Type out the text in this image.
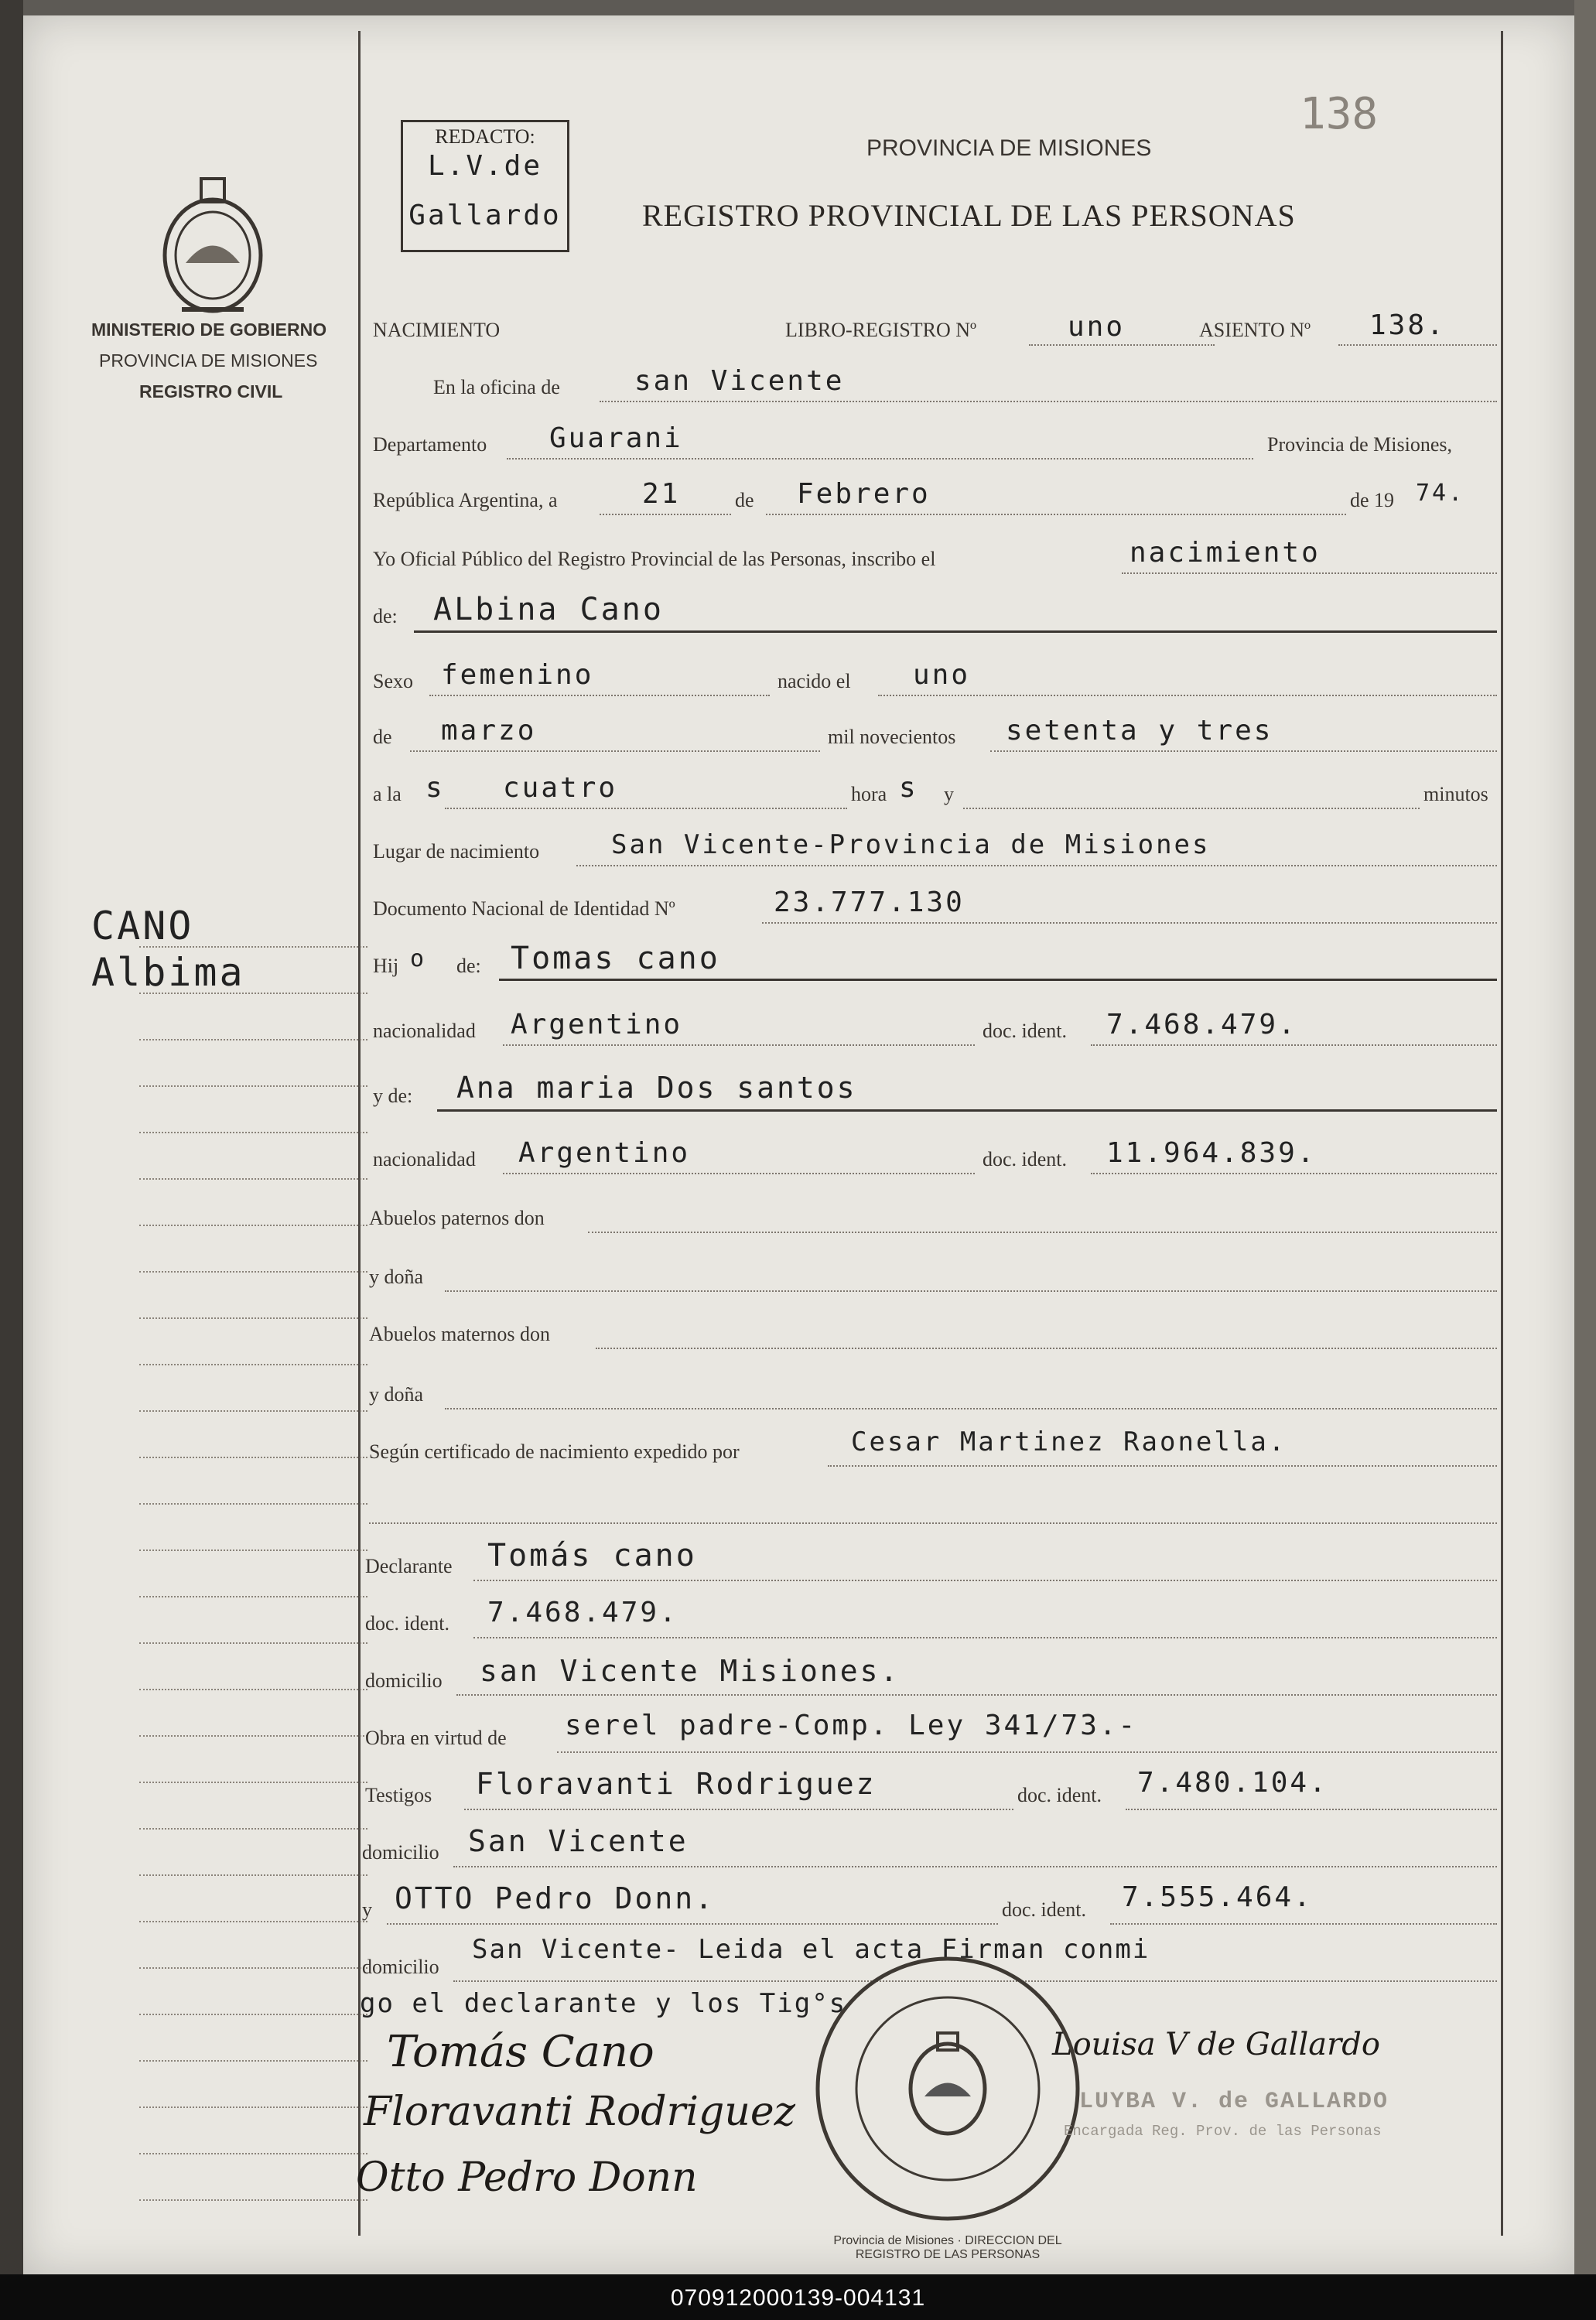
MINISTERIO DE GOBIERNO
PROVINCIA DE MISIONES
REGISTRO CIVIL
CANO
Albima
REDACTO:
L.V.de
Gallardo
138
PROVINCIA DE MISIONES
REGISTRO PROVINCIAL DE LAS PERSONAS
NACIMIENTO	LIBRO-REGISTRO Nº	uno	ASIENTO Nº 138.
En la oficina de	san Vicente
Departamento Guarani	Provincia de Misiones,
República Argentina, a	21	de Febrero	de 19 74.
Yo Oficial Público del Registro Provincial de las Personas, inscribo el	nacimiento
de: ALbina Cano
Sexo femenino	nacido el uno
de marzo	mil novecientos setenta y tres
a la s cuatro	hora s y	minutos
Lugar de nacimiento	San Vicente-Provincia de Misiones
Documento Nacional de Identidad Nº	23.777.130
Hij o de: Tomas cano
nacionalidad Argentino	doc. ident. 7.468.479.
y de: Ana maria Dos santos
nacionalidad Argentino	doc. ident. 11.964.839.
Abuelos paternos don
y doña
Abuelos maternos don
y doña
Según certificado de nacimiento expedido por	Cesar Martinez Raonella.
Declarante Tomás cano
doc. ident. 7.468.479.
domicilio san Vicente Misiones.
Obra en virtud de serel padre-Comp. Ley 341/73.-
Testigos Floravanti Rodriguez	doc. ident. 7.480.104.
domicilio San Vicente
y OTTO Pedro Donn.	doc. ident. 7.555.464.
domicilio
San Vicente- Leida el acta Firman conmi
go el declarante y los Tig°s
Tomás Cano
Floravanti Rodriguez
Otto Pedro Donn
Louisa V de Gallardo
Provincia de Misiones · DIRECCION DEL REGISTRO DE LAS PERSONAS
LUYBA V. de GALLARDO
Encargada Reg. Prov. de las Personas
070912000139-004131
